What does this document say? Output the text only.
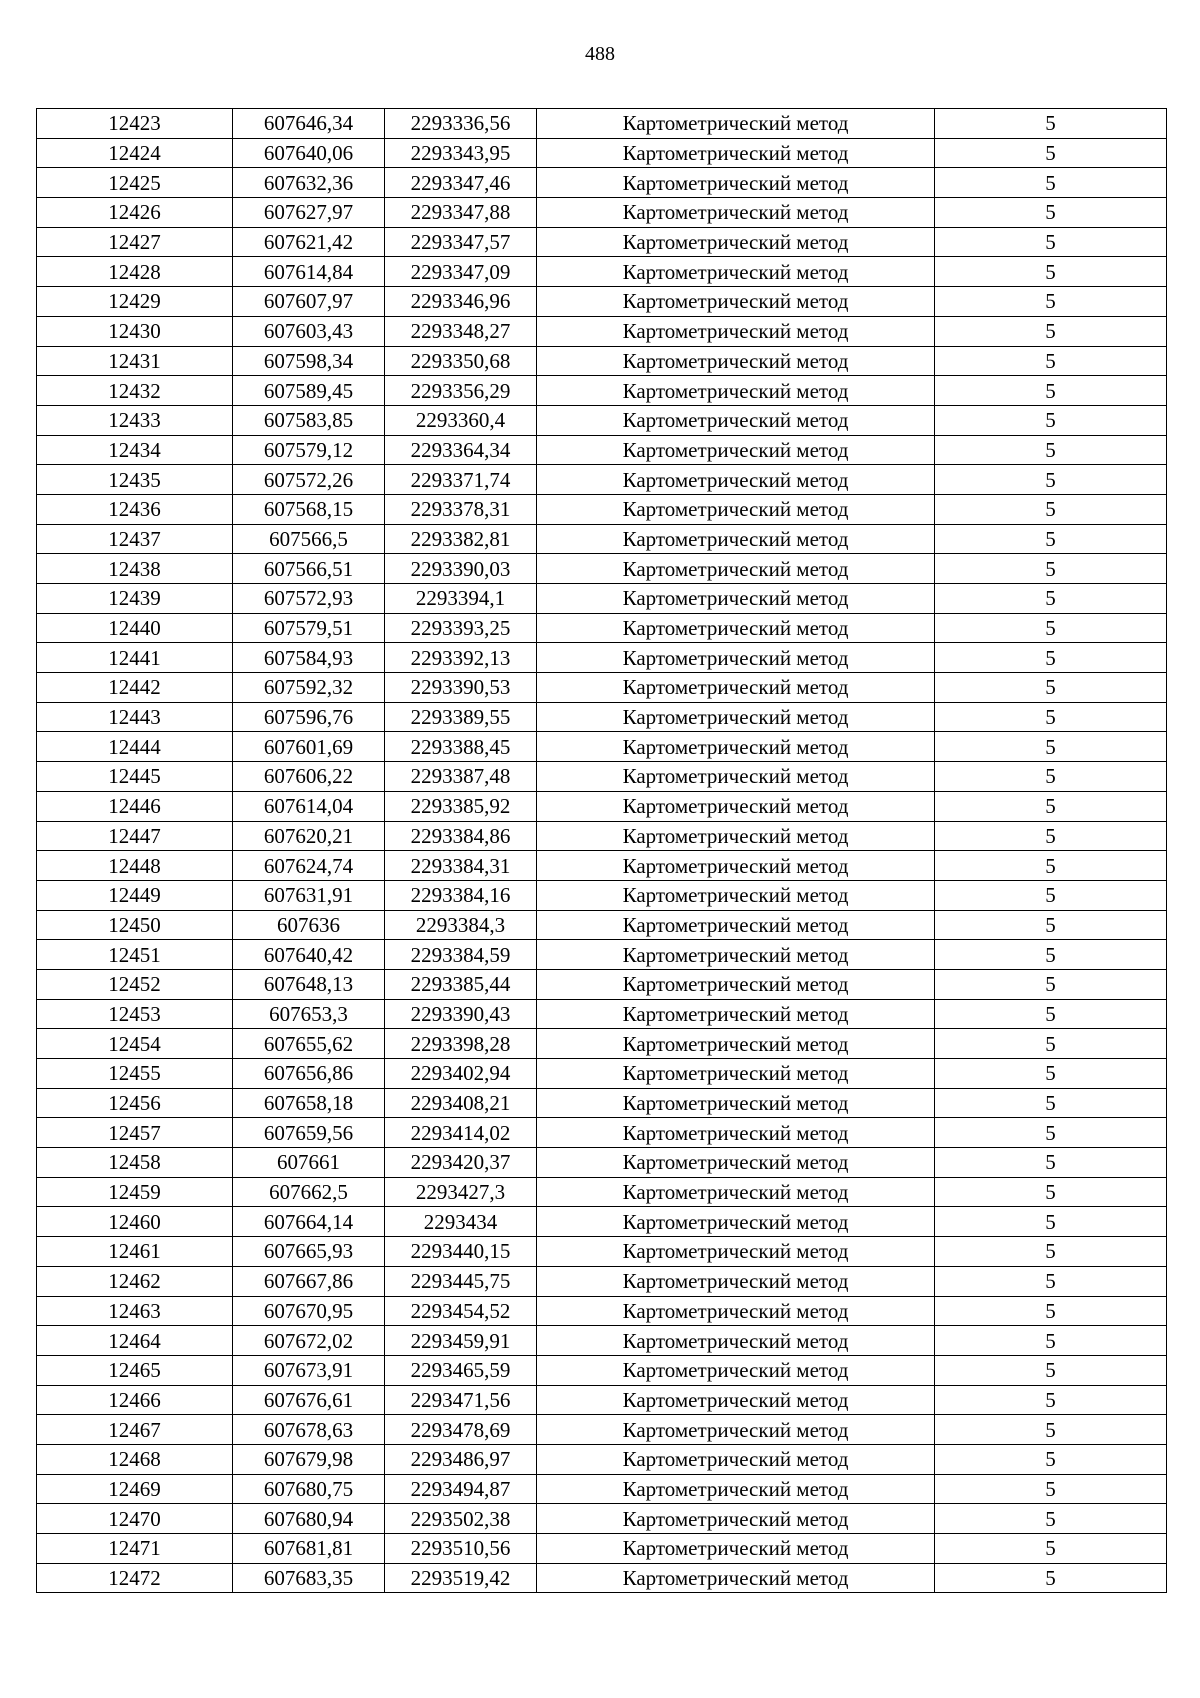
488
12423	607646,34	2293336,56	Картометрический метод	5
12424	607640,06	2293343,95	Картометрический метод	5
12425	607632,36	2293347,46	Картометрический метод	5
12426	607627,97	2293347,88	Картометрический метод	5
12427	607621,42	2293347,57	Картометрический метод	5
12428	607614,84	2293347,09	Картометрический метод	5
12429	607607,97	2293346,96	Картометрический метод	5
12430	607603,43	2293348,27	Картометрический метод	5
12431	607598,34	2293350,68	Картометрический метод	5
12432	607589,45	2293356,29	Картометрический метод	5
12433	607583,85	2293360,4	Картометрический метод	5
12434	607579,12	2293364,34	Картометрический метод	5
12435	607572,26	2293371,74	Картометрический метод	5
12436	607568,15	2293378,31	Картометрический метод	5
12437	607566,5	2293382,81	Картометрический метод	5
12438	607566,51	2293390,03	Картометрический метод	5
12439	607572,93	2293394,1	Картометрический метод	5
12440	607579,51	2293393,25	Картометрический метод	5
12441	607584,93	2293392,13	Картометрический метод	5
12442	607592,32	2293390,53	Картометрический метод	5
12443	607596,76	2293389,55	Картометрический метод	5
12444	607601,69	2293388,45	Картометрический метод	5
12445	607606,22	2293387,48	Картометрический метод	5
12446	607614,04	2293385,92	Картометрический метод	5
12447	607620,21	2293384,86	Картометрический метод	5
12448	607624,74	2293384,31	Картометрический метод	5
12449	607631,91	2293384,16	Картометрический метод	5
12450	607636	2293384,3	Картометрический метод	5
12451	607640,42	2293384,59	Картометрический метод	5
12452	607648,13	2293385,44	Картометрический метод	5
12453	607653,3	2293390,43	Картометрический метод	5
12454	607655,62	2293398,28	Картометрический метод	5
12455	607656,86	2293402,94	Картометрический метод	5
12456	607658,18	2293408,21	Картометрический метод	5
12457	607659,56	2293414,02	Картометрический метод	5
12458	607661	2293420,37	Картометрический метод	5
12459	607662,5	2293427,3	Картометрический метод	5
12460	607664,14	2293434	Картометрический метод	5
12461	607665,93	2293440,15	Картометрический метод	5
12462	607667,86	2293445,75	Картометрический метод	5
12463	607670,95	2293454,52	Картометрический метод	5
12464	607672,02	2293459,91	Картометрический метод	5
12465	607673,91	2293465,59	Картометрический метод	5
12466	607676,61	2293471,56	Картометрический метод	5
12467	607678,63	2293478,69	Картометрический метод	5
12468	607679,98	2293486,97	Картометрический метод	5
12469	607680,75	2293494,87	Картометрический метод	5
12470	607680,94	2293502,38	Картометрический метод	5
12471	607681,81	2293510,56	Картометрический метод	5
12472	607683,35	2293519,42	Картометрический метод	5
